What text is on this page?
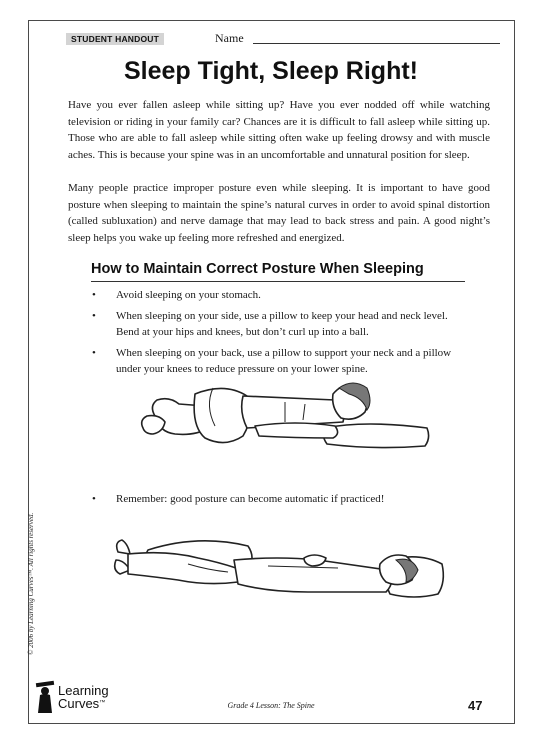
STUDENT HANDOUT	Name
Sleep Tight, Sleep Right!

Have you ever fallen asleep while sitting up? Have you ever nodded off while watching television or riding in your family car? Chances are it is difficult to fall asleep while sitting up. Those who are able to fall asleep while sitting often wake up feeling drowsy and with muscle aches. This is because your spine was in an uncomfortable and unnatural position for sleep.

Many people practice improper posture even while sleeping. It is important to have good posture when sleeping to maintain the spine’s natural curves in order to avoid spinal distortion (called subluxation) and nerve damage that may lead to back stress and pain. A good night’s sleep helps you wake up feeling more refreshed and energized.

How to Maintain Correct Posture When Sleeping
• Avoid sleeping on your stomach.
• When sleeping on your side, use a pillow to keep your head and neck level. Bend at your hips and knees, but don’t curl up into a ball.
• When sleeping on your back, use a pillow to support your neck and a pillow under your knees to reduce pressure on your lower spine.
• Remember: good posture can become automatic if practiced!
© 2006 by Learning Curves™. All rights reserved.
Learning
Curves™	Grade 4 Lesson: The Spine	47
